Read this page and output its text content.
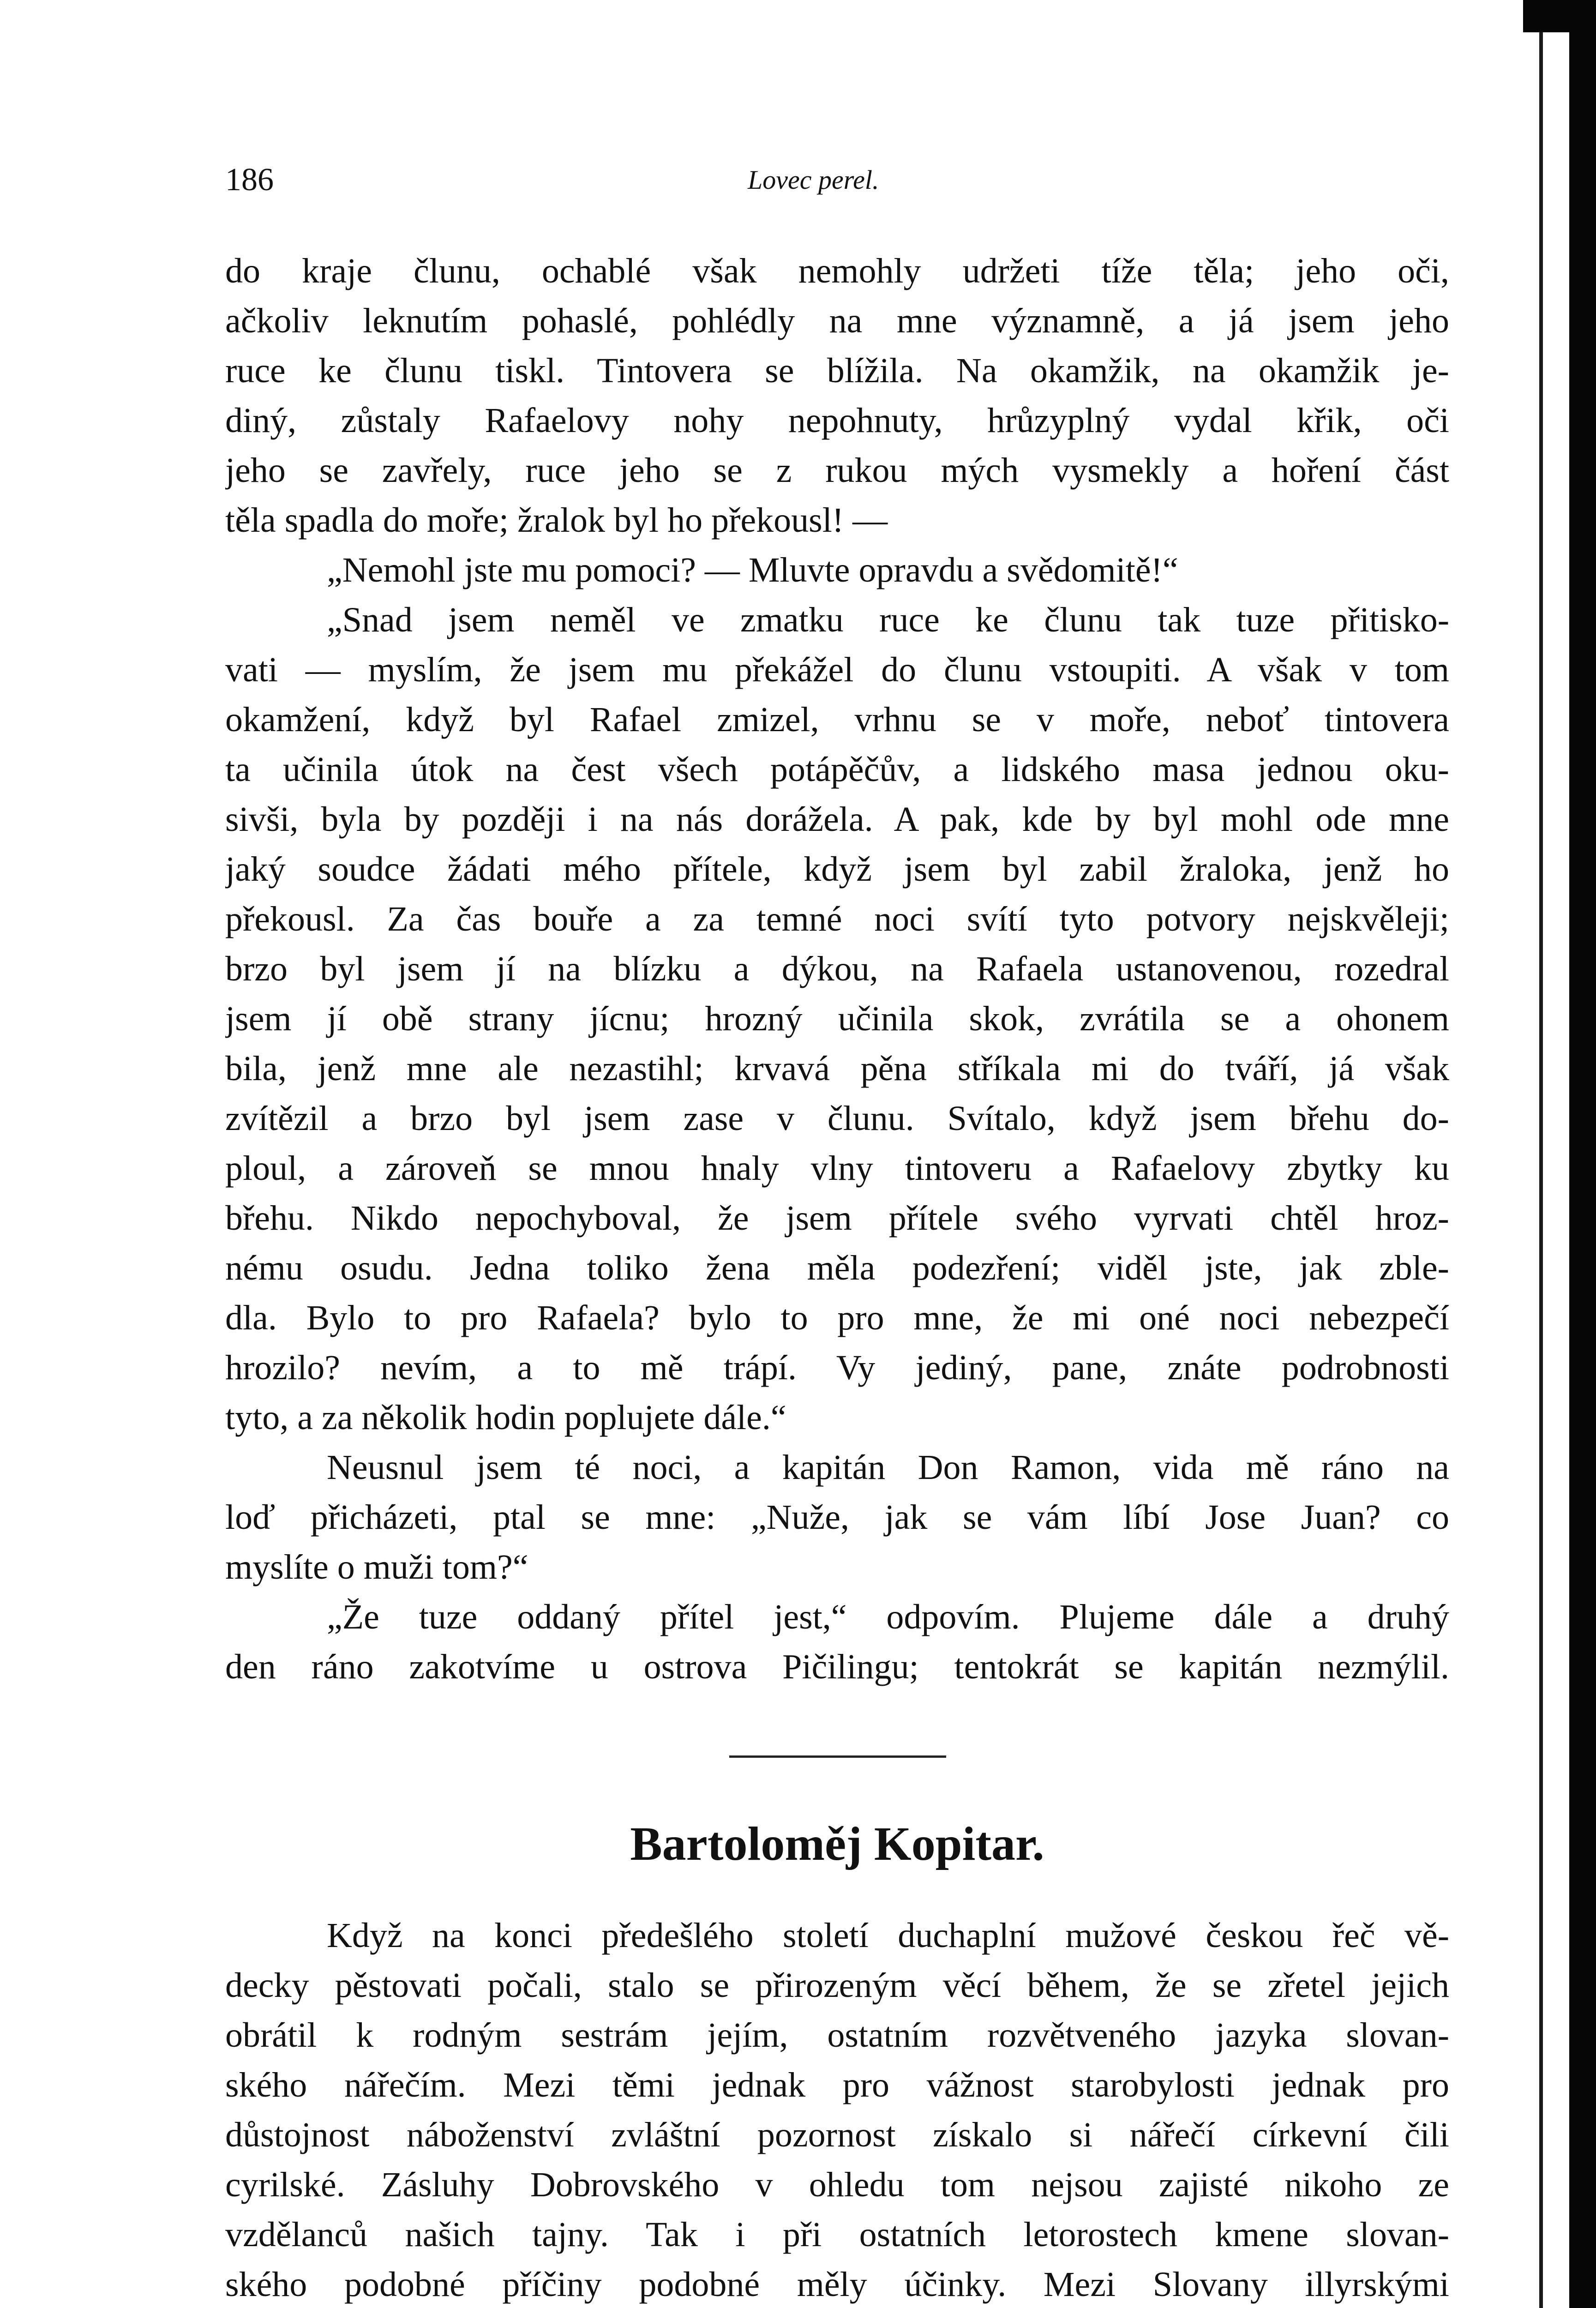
186	Lovec perel.

do kraje člunu, ochablé však nemohly udržeti tíže těla; jeho oči,
ačkoliv leknutím pohaslé, pohlédly na mne významně, a já jsem jeho
ruce ke člunu tiskl. Tintovera se blížila. Na okamžik, na okamžik je-
diný, zůstaly Rafaelovy nohy nepohnuty, hrůzyplný vydal křik, oči
jeho se zavřely, ruce jeho se z rukou mých vysmekly a hoření část
těla spadla do moře; žralok byl ho překousl! —
„Nemohl jste mu pomoci? — Mluvte opravdu a svědomitě!“
„Snad jsem neměl ve zmatku ruce ke člunu tak tuze přitisko-
vati — myslím, že jsem mu překážel do člunu vstoupiti. A však v tom
okamžení, když byl Rafael zmizel, vrhnu se v moře, neboť tintovera
ta učinila útok na čest všech potápěčův, a lidského masa jednou oku-
sivši, byla by později i na nás dorážela. A pak, kde by byl mohl ode mne
jaký soudce žádati mého přítele, když jsem byl zabil žraloka, jenž ho
překousl. Za čas bouře a za temné noci svítí tyto potvory nejskvěleji;
brzo byl jsem jí na blízku a dýkou, na Rafaela ustanovenou, rozedral
jsem jí obě strany jícnu; hrozný učinila skok, zvrátila se a ohonem
bila, jenž mne ale nezastihl; krvavá pěna stříkala mi do tváří, já však
zvítězil a brzo byl jsem zase v člunu. Svítalo, když jsem břehu do-
ploul, a zároveň se mnou hnaly vlny tintoveru a Rafaelovy zbytky ku
břehu. Nikdo nepochyboval, že jsem přítele svého vyrvati chtěl hroz-
nému osudu. Jedna toliko žena měla podezření; viděl jste, jak zble-
dla. Bylo to pro Rafaela? bylo to pro mne, že mi oné noci nebezpečí
hrozilo? nevím, a to mě trápí. Vy jediný, pane, znáte podrobnosti
tyto, a za několik hodin poplujete dále.“
Neusnul jsem té noci, a kapitán Don Ramon, vida mě ráno na
loď přicházeti, ptal se mne: „Nuže, jak se vám líbí Jose Juan? co
myslíte o muži tom?“
„Že tuze oddaný přítel jest,“ odpovím. Plujeme dále a druhý
den ráno zakotvíme u ostrova Pičilingu; tentokrát se kapitán nezmýlil.
Bartoloměj Kopitar.
Když na konci předešlého století duchaplní mužové českou řeč vě-
decky pěstovati počali, stalo se přirozeným věcí během, že se zřetel jejich
obrátil k rodným sestrám jejím, ostatním rozvětveného jazyka slovan-
ského nářečím. Mezi těmi jednak pro vážnost starobylosti jednak pro
důstojnost náboženství zvláštní pozornost získalo si nářečí církevní čili
cyrilské. Zásluhy Dobrovského v ohledu tom nejsou zajisté nikoho ze
vzdělanců našich tajny. Tak i při ostatních letorostech kmene slovan-
ského podobné příčiny podobné měly účinky. Mezi Slovany illyrskými
